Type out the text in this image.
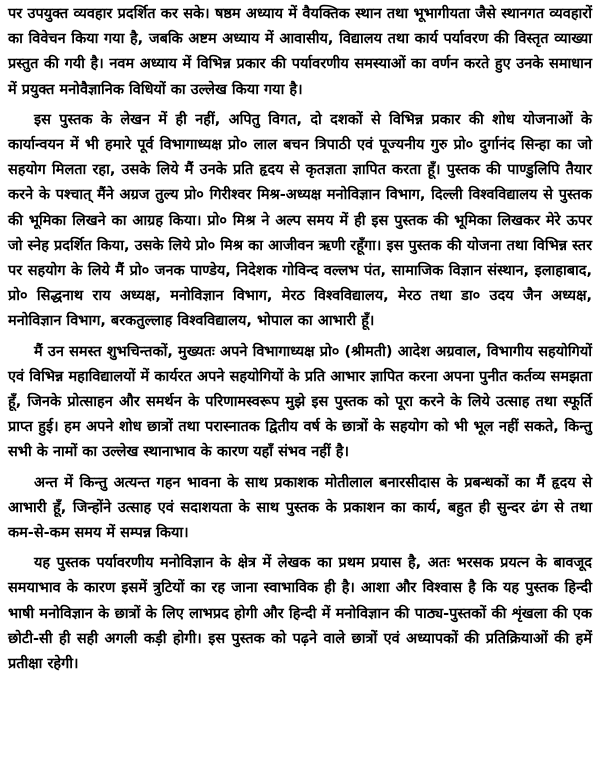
पर उपयुक्त व्यवहार प्रदर्शित कर सके। षष्ठम अध्याय में वैयक्तिक स्थान तथा भूभागीयता जैसे स्थानगत व्यवहारों का विवेचन किया गया है, जबकि अष्टम अध्याय में आवासीय, विद्यालय तथा कार्य पर्यावरण की विस्तृत व्याख्या प्रस्तुत की गयी है। नवम अध्याय में विभिन्न प्रकार की पर्यावरणीय समस्याओं का वर्णन करते हुए उनके समाधान में प्रयुक्त मनोवैज्ञानिक विधियों का उल्लेख किया गया है।

इस पुस्तक के लेखन में ही नहीं, अपितु विगत, दो दशकों से विभिन्न प्रकार की शोध योजनाओं के कार्यान्वयन में भी हमारे पूर्व विभागाध्यक्ष प्रो० लाल बचन त्रिपाठी एवं पूज्यनीय गुरु प्रो० दुर्गानंद सिन्हा का जो सहयोग मिलता रहा, उसके लिये मैं उनके प्रति हृदय से कृतज्ञता ज्ञापित करता हूँ। पुस्तक की पाण्डुलिपि तैयार करने के पश्चात् मैंने अग्रज तुल्य प्रो० गिरीश्वर मिश्र-अध्यक्ष मनोविज्ञान विभाग, दिल्ली विश्वविद्यालय से पुस्तक की भूमिका लिखने का आग्रह किया। प्रो० मिश्र ने अल्प समय में ही इस पुस्तक की भूमिका लिखकर मेरे ऊपर जो स्नेह प्रदर्शित किया, उसके लिये प्रो० मिश्र का आजीवन ऋणी रहूँगा। इस पुस्तक की योजना तथा विभिन्न स्तर पर सहयोग के लिये मैं प्रो० जनक पाण्डेय, निदेशक गोविन्द वल्लभ पंत, सामाजिक विज्ञान संस्थान, इलाहाबाद, प्रो० सिद्धनाथ राय अध्यक्ष, मनोविज्ञान विभाग, मेरठ विश्वविद्यालय, मेरठ तथा डा० उदय जैन अध्यक्ष, मनोविज्ञान विभाग, बरकतुल्लाह विश्वविद्यालय, भोपाल का आभारी हूँ।

मैं उन समस्त शुभचिन्तकों, मुख्यतः अपने विभागाध्यक्ष प्रो० (श्रीमती) आदेश अग्रवाल, विभागीय सहयोगियों एवं विभिन्न महाविद्यालयों में कार्यरत अपने सहयोगियों के प्रति आभार ज्ञापित करना अपना पुनीत कर्तव्य समझता हूँ, जिनके प्रोत्साहन और समर्थन के परिणामस्वरूप मुझे इस पुस्तक को पूरा करने के लिये उत्साह तथा स्फूर्ति प्राप्त हुई। हम अपने शोध छात्रों तथा परास्नातक द्वितीय वर्ष के छात्रों के सहयोग को भी भूल नहीं सकते, किन्तु सभी के नामों का उल्लेख स्थानाभाव के कारण यहाँ संभव नहीं है।

अन्त में किन्तु अत्यन्त गहन भावना के साथ प्रकाशक मोतीलाल बनारसीदास के प्रबन्धकों का मैं हृदय से आभारी हूँ, जिन्होंने उत्साह एवं सदाशयता के साथ पुस्तक के प्रकाशन का कार्य, बहुत ही सुन्दर ढंग से तथा कम-से-कम समय में सम्पन्न किया।

यह पुस्तक पर्यावरणीय मनोविज्ञान के क्षेत्र में लेखक का प्रथम प्रयास है, अतः भरसक प्रयत्न के बावजूद समयाभाव के कारण इसमें त्रुटियों का रह जाना स्वाभाविक ही है। आशा और विश्वास है कि यह पुस्तक हिन्दी भाषी मनोविज्ञान के छात्रों के लिए लाभप्रद होगी और हिन्दी में मनोविज्ञान की पाठ्य-पुस्तकों की शृंखला की एक छोटी-सी ही सही अगली कड़ी होगी। इस पुस्तक को पढ़ने वाले छात्रों एवं अध्यापकों की प्रतिक्रियाओं की हमें प्रतीक्षा रहेगी।
